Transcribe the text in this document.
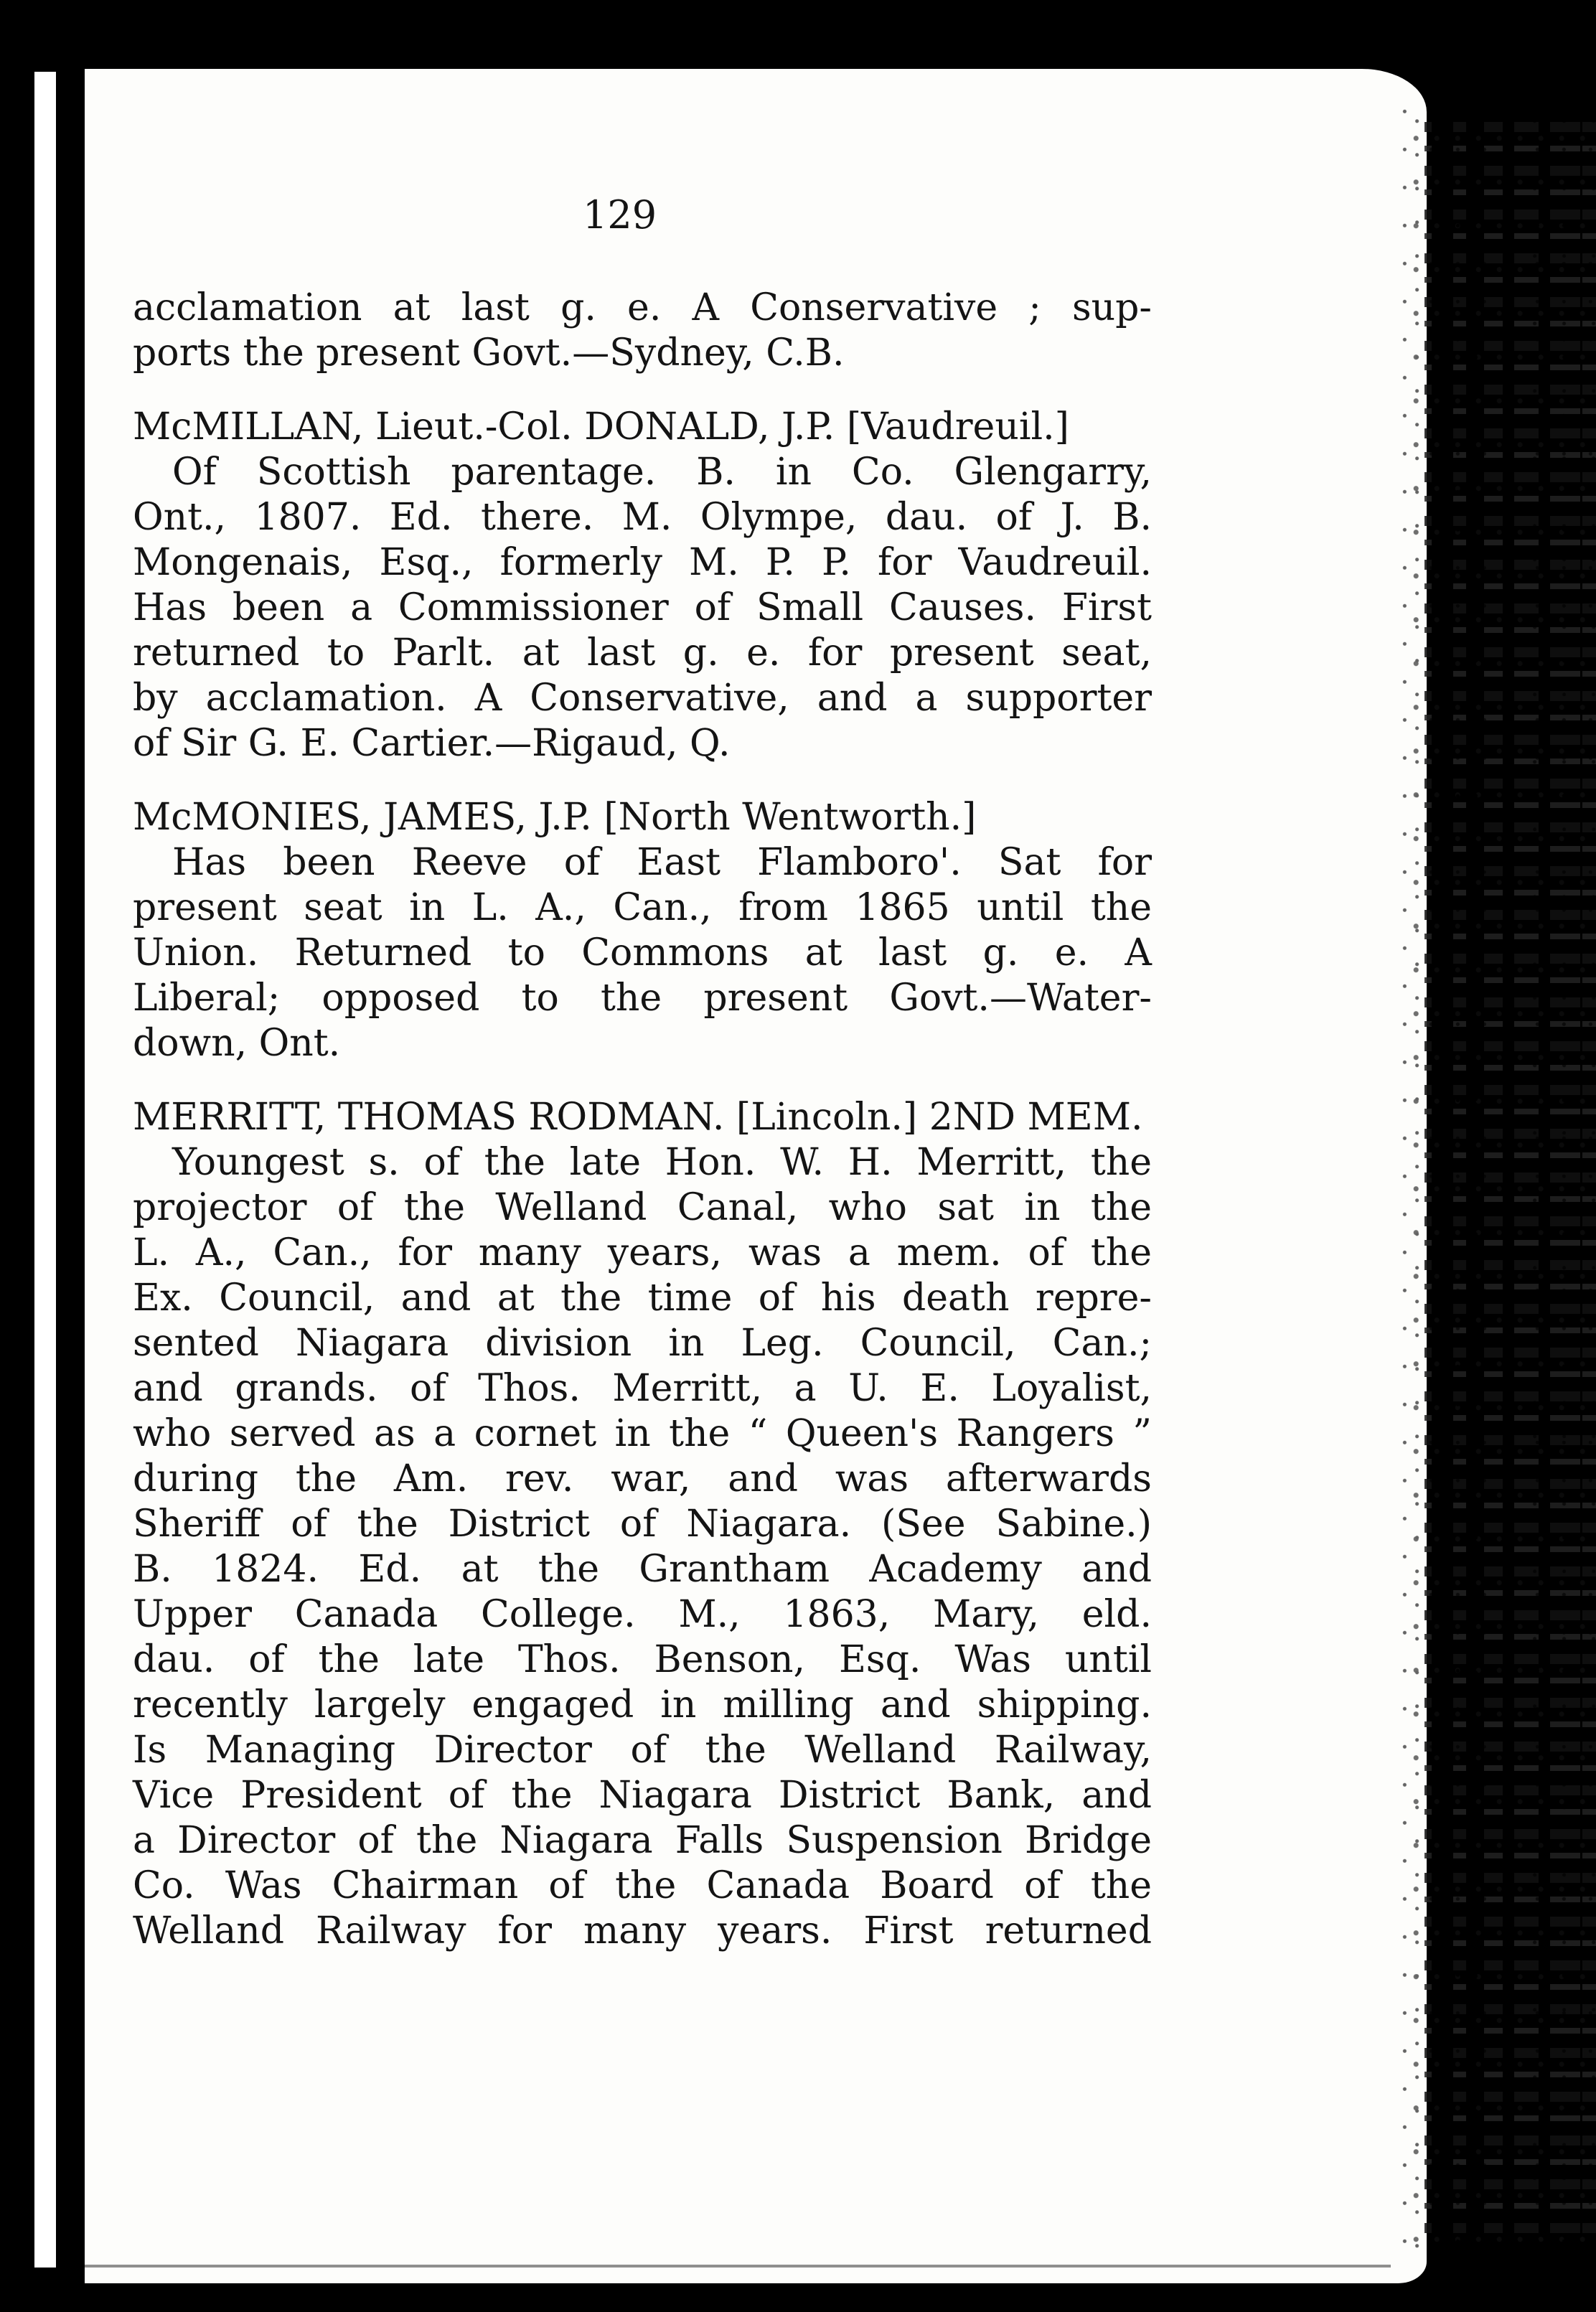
129
acclamation at last g. e. A Conservative ; sup-
ports the present Govt.—Sydney, C.B.
McMILLAN, Lieut.-Col. DONALD, J.P. [Vaudreuil.]
Of Scottish parentage. B. in Co. Glengarry,
Ont., 1807. Ed. there. M. Olympe, dau. of J. B.
Mongenais, Esq., formerly M. P. P. for Vaudreuil.
Has been a Commissioner of Small Causes. First
returned to Parlt. at last g. e. for present seat,
by acclamation. A Conservative, and a supporter
of Sir G. E. Cartier.—Rigaud, Q.
McMONIES, JAMES, J.P. [North Wentworth.]
Has been Reeve of East Flamboro'. Sat for
present seat in L. A., Can., from 1865 until the
Union. Returned to Commons at last g. e. A
Liberal; opposed to the present Govt.—Water-
down, Ont.
MERRITT, THOMAS RODMAN. [Lincoln.] 2ND MEM.
Youngest s. of the late Hon. W. H. Merritt, the
projector of the Welland Canal, who sat in the
L. A., Can., for many years, was a mem. of the
Ex. Council, and at the time of his death repre-
sented Niagara division in Leg. Council, Can.;
and grands. of Thos. Merritt, a U. E. Loyalist,
who served as a cornet in the “ Queen's Rangers ”
during the Am. rev. war, and was afterwards
Sheriff of the District of Niagara. (See Sabine.)
B. 1824. Ed. at the Grantham Academy and
Upper Canada College. M., 1863, Mary, eld.
dau. of the late Thos. Benson, Esq. Was until
recently largely engaged in milling and shipping.
Is Managing Director of the Welland Railway,
Vice President of the Niagara District Bank, and
a Director of the Niagara Falls Suspension Bridge
Co. Was Chairman of the Canada Board of the
Welland Railway for many years. First returned
